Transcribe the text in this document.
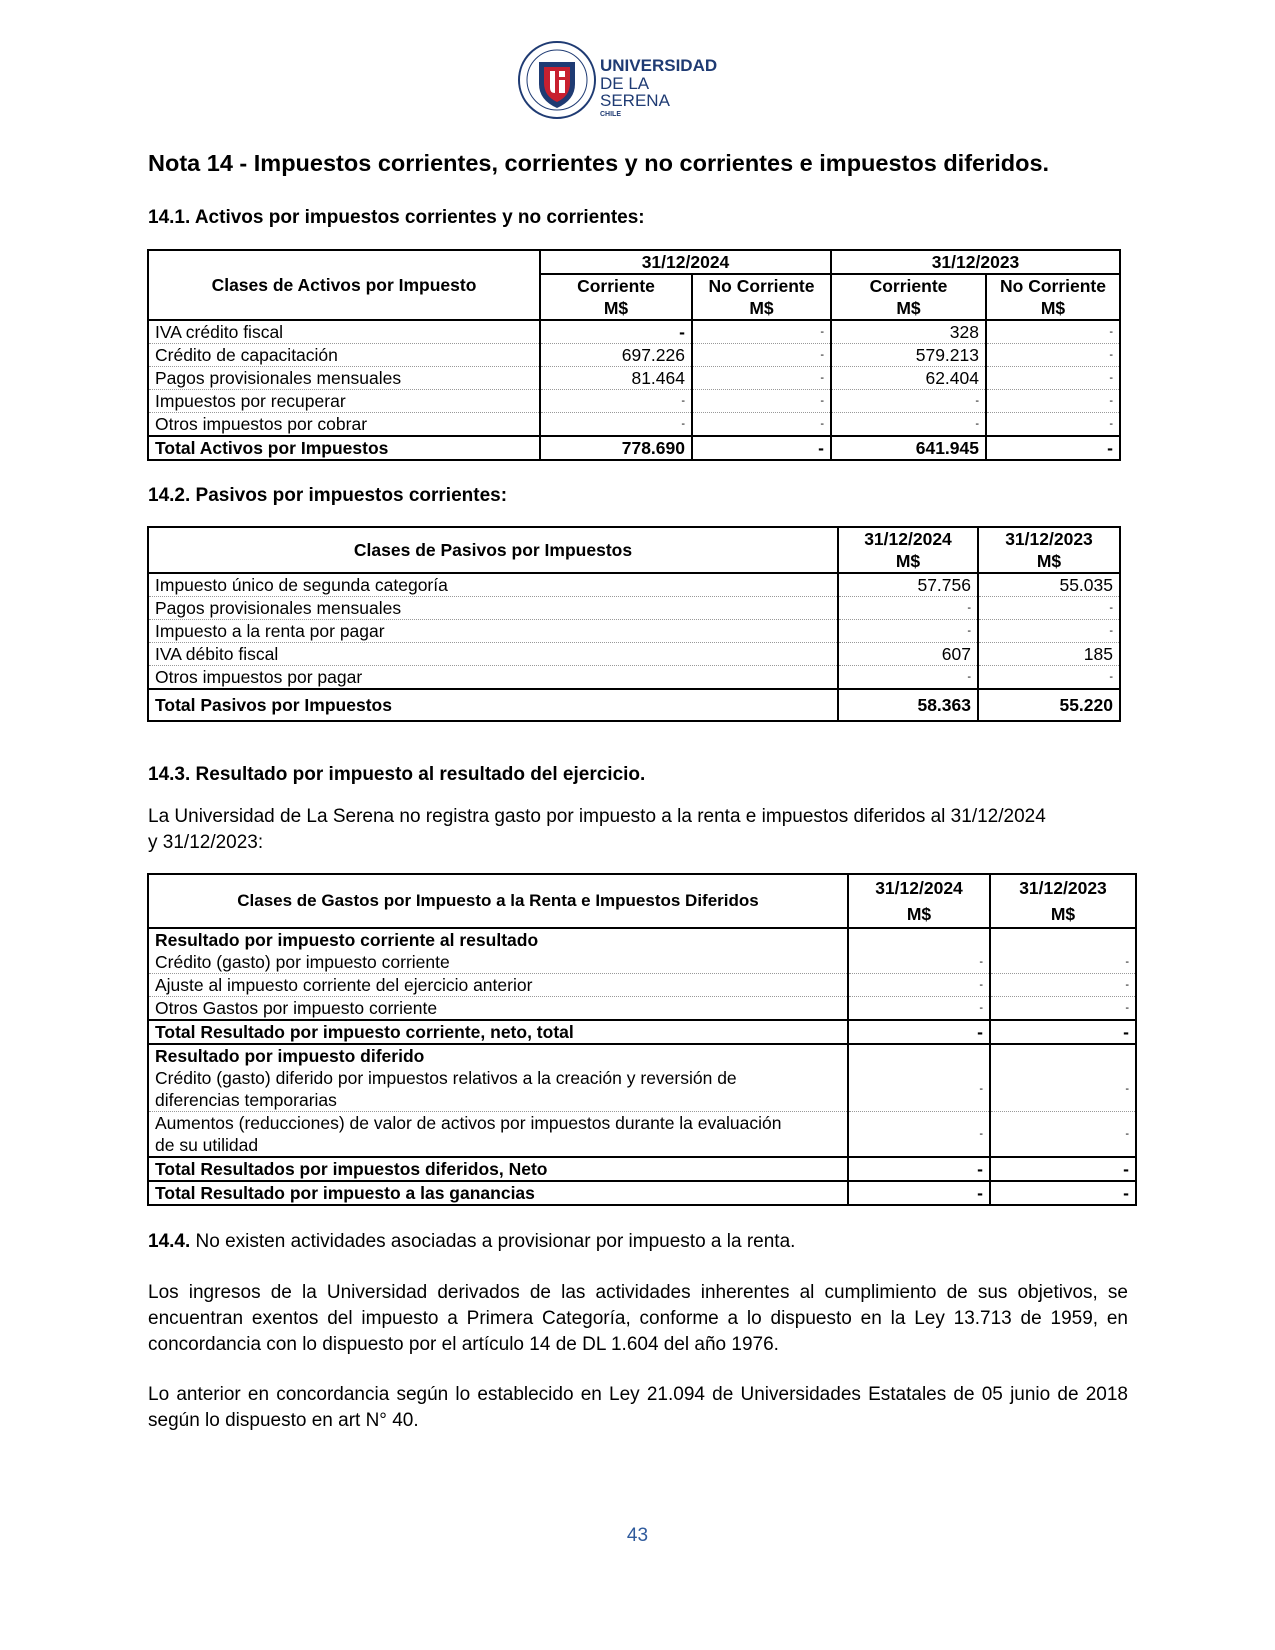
UNIVERSIDAD
DE LA SERENA
CHILE
Nota 14 - Impuestos corrientes, corrientes y no corrientes e impuestos diferidos.
14.1. Activos por impuestos corrientes y no corrientes:
Clases de Activos por Impuesto	31/12/2024		31/12/2023	
	Corriente	No Corriente	Corriente	No Corriente
	M$	M$	M$	M$
IVA crédito fiscal	-	-	328	-
Crédito de capacitación	697.226	-	579.213	-
Pagos provisionales mensuales	81.464	-	62.404	-
Impuestos por recuperar	-	-	-	-
Otros impuestos por cobrar	-	-	-	-
Total Activos por Impuestos	778.690	-	641.945	-
14.2. Pasivos por impuestos corrientes:
Clases de Pasivos por Impuestos	31/12/2024	31/12/2023
	M$	M$
Impuesto único de segunda categoría	57.756	55.035
Pagos provisionales mensuales	-	-
Impuesto a la renta por pagar	-	-
IVA débito fiscal	607	185
Otros impuestos por pagar	-	-
Total Pasivos por Impuestos	58.363	55.220
14.3. Resultado por impuesto al resultado del ejercicio.

La Universidad de La Serena no registra gasto por impuesto a la renta e impuestos diferidos al 31/12/2024
y 31/12/2023:

Clases de Gastos por Impuesto a la Renta e Impuestos Diferidos	31/12/2024	31/12/2023
	M$	M$
Resultado por impuesto corriente al resultado		
Crédito (gasto) por impuesto corriente	-	-
Ajuste al impuesto corriente del ejercicio anterior	-	-
Otros Gastos por impuesto corriente	-	-
Total Resultado por impuesto corriente, neto, total	-	-
Resultado por impuesto diferido		
Crédito (gasto) diferido por impuestos relativos a la creación y reversión de
diferencias temporarias	-	-
Aumentos (reducciones) de valor de activos por impuestos durante la evaluación
de su utilidad	-	-
Total Resultados por impuestos diferidos, Neto	-	-
Total Resultado por impuesto a las ganancias	-	-

14.4. No existen actividades asociadas a provisionar por impuesto a la renta.

Los ingresos de la Universidad derivados de las actividades inherentes al cumplimiento de sus objetivos, se encuentran exentos del impuesto a Primera Categoría, conforme a lo dispuesto en la Ley 13.713 de 1959, en concordancia con lo dispuesto por el artículo 14 de DL 1.604 del año 1976.

Lo anterior en concordancia según lo establecido en Ley 21.094 de Universidades Estatales de 05 junio de 2018 según lo dispuesto en art N° 40.

43
